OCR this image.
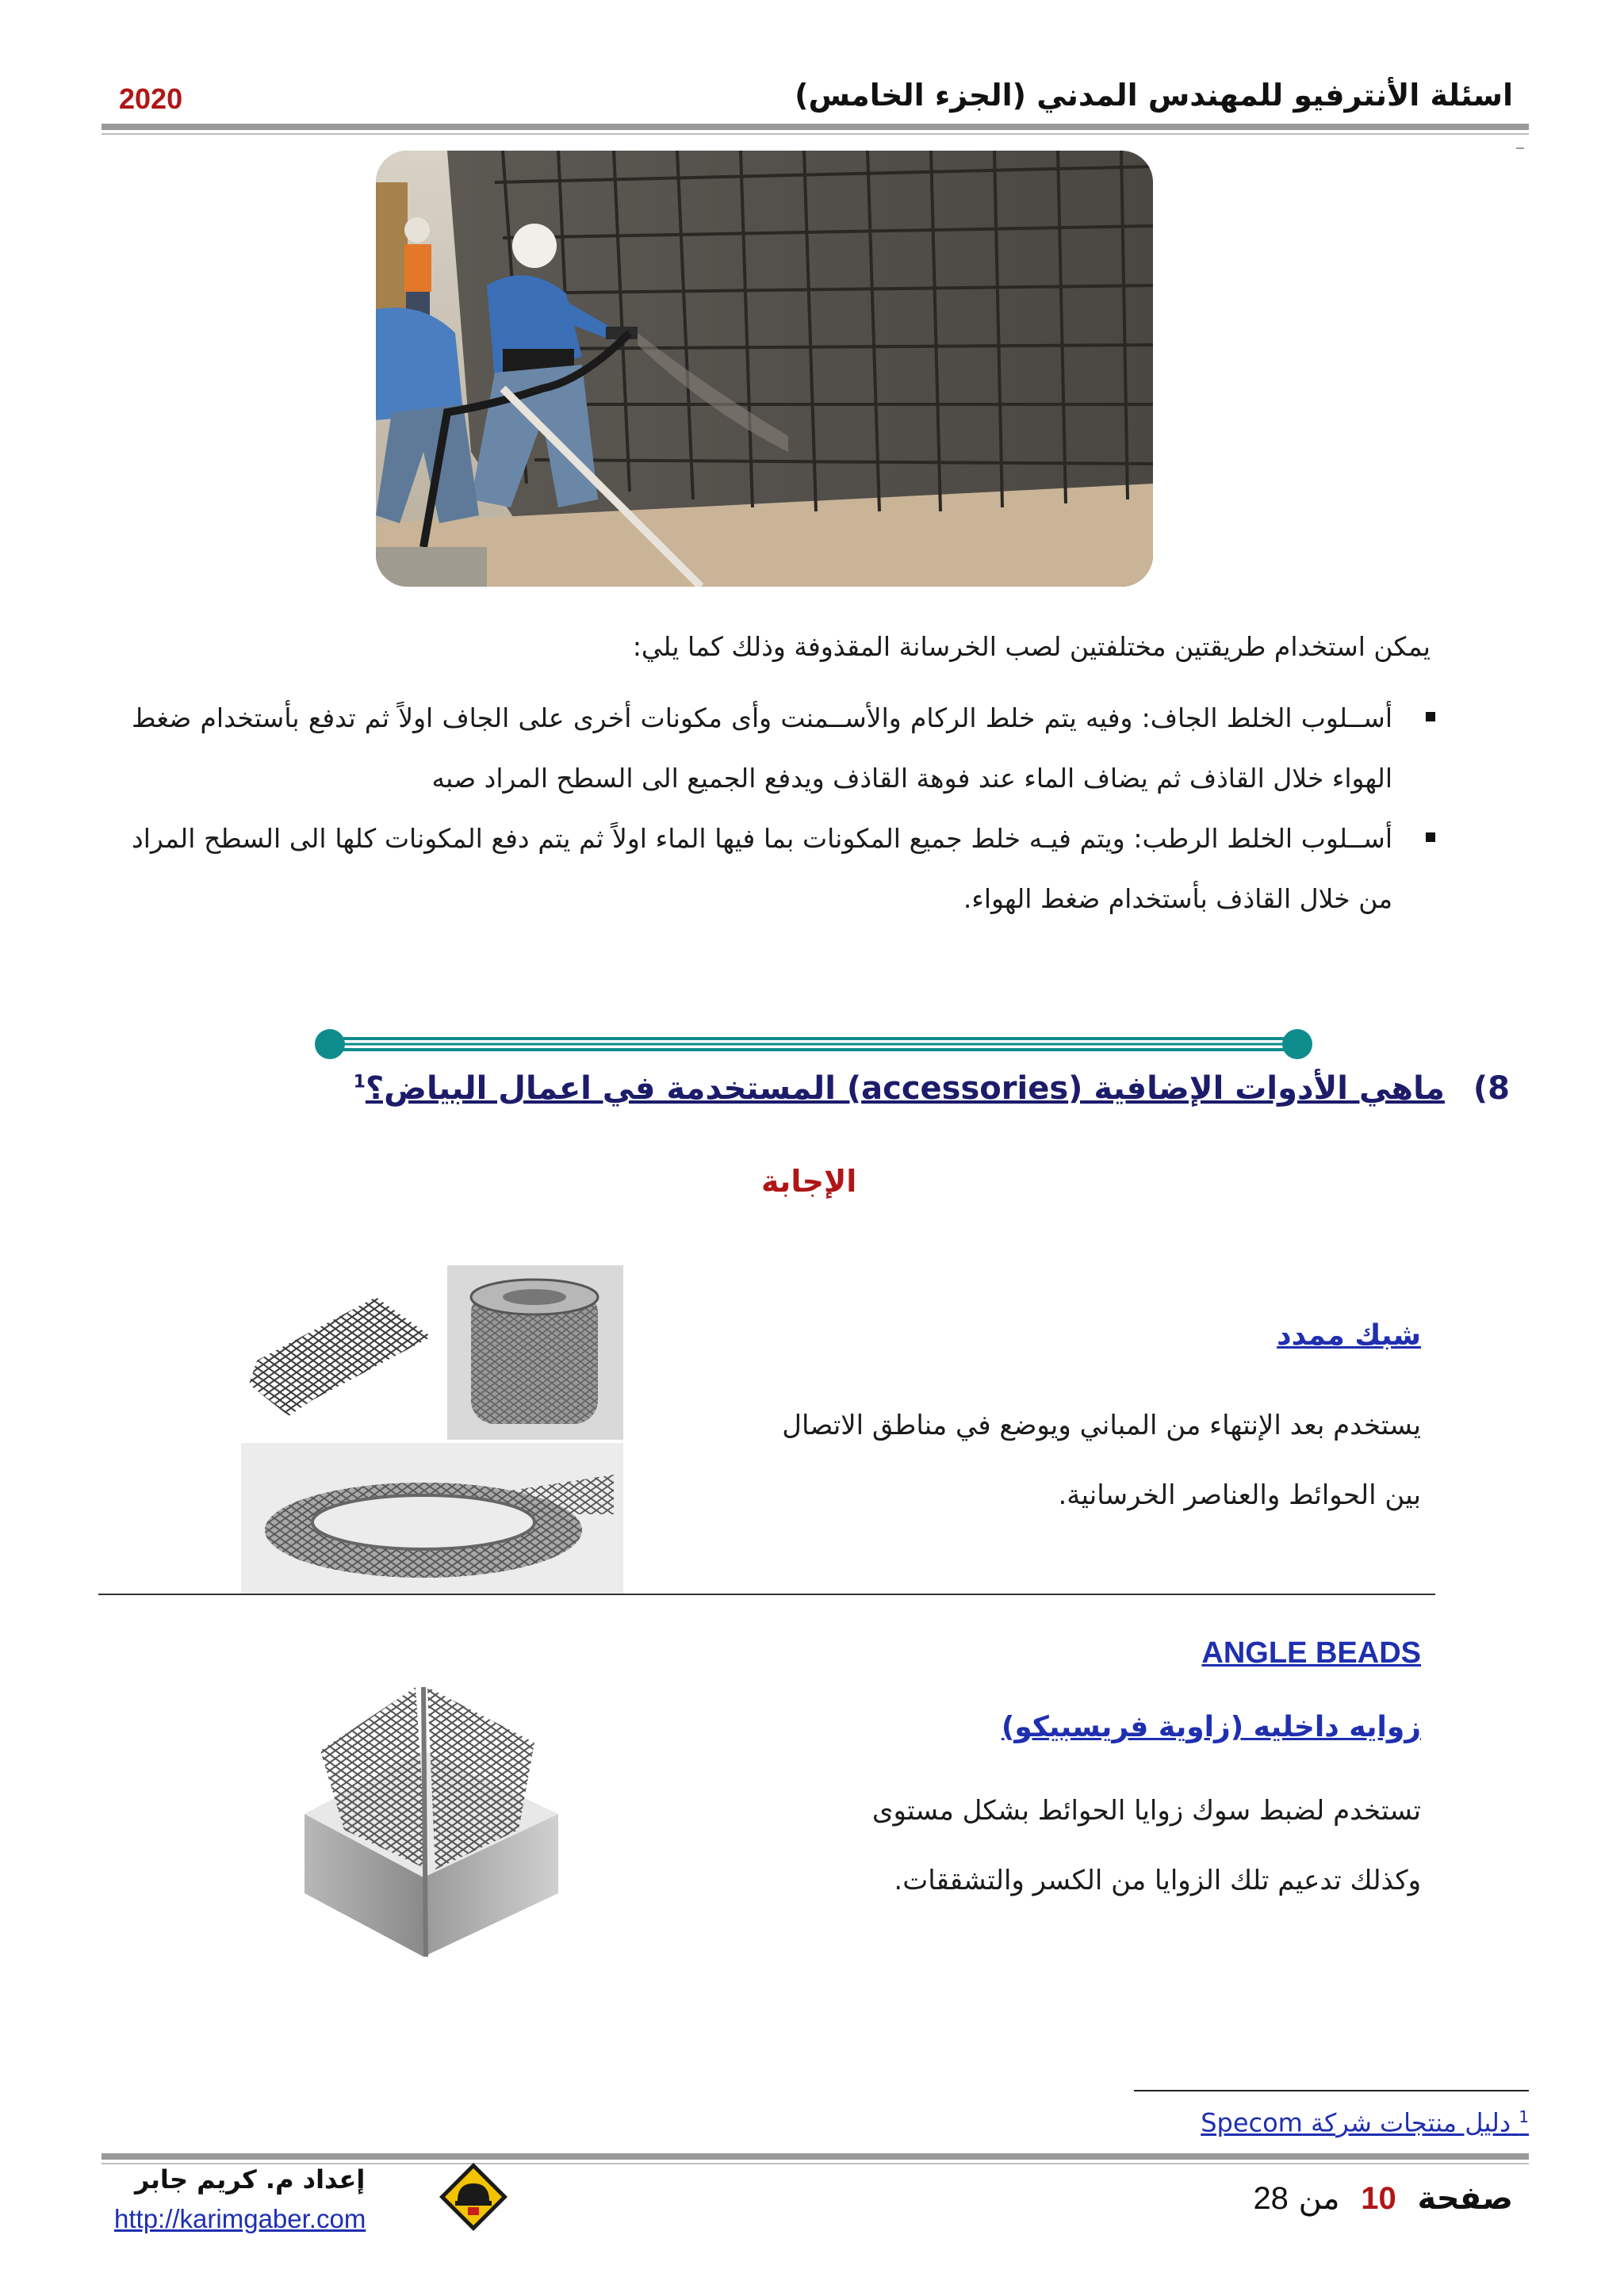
اسئلة الأنترفيو للمهندس المدني (الجزء الخامس)
2020
يمكن استخدام طريقتين مختلفتين لصب الخرسانة المقذوفة وذلك كما يلي:
أســلوب الخلط الجاف: وفيه يتم خلط الركام والأســمنت وأى مكونات أخرى على الجاف اولاً ثم تدفع بأستخدام ضغط الهواء خلال القاذف ثم يضاف الماء عند فوهة القاذف ويدفع الجميع الى السطح المراد صبه
أســلوب الخلط الرطب: ويتم فيـه خلط جميع المكونات بما فيها الماء اولاً ثم يتم دفع المكونات كلها الى السطح المراد من خلال القاذف بأستخدام ضغط الهواء.
8) ماهي الأدوات الإضافية (accessories) المستخدمة في اعمال البياض؟$^1$
الإجابة
شبك ممدد
يستخدم بعد الإنتهاء من المباني ويوضع في مناطق الاتصال بين الحوائط والعناصر الخرسانية.
ANGLE BEADS
زوايه داخليه (زاوية فريسبيكو)
تستخدم لضبط سوك زوايا الحوائط بشكل مستوى وكذلك تدعيم تلك الزوايا من الكسر والتشققات.
$^1$ دليل منتجات شركة Specom
إعداد م. كريم جابر
http://karimgaber.com
صفحة 10 من 28
